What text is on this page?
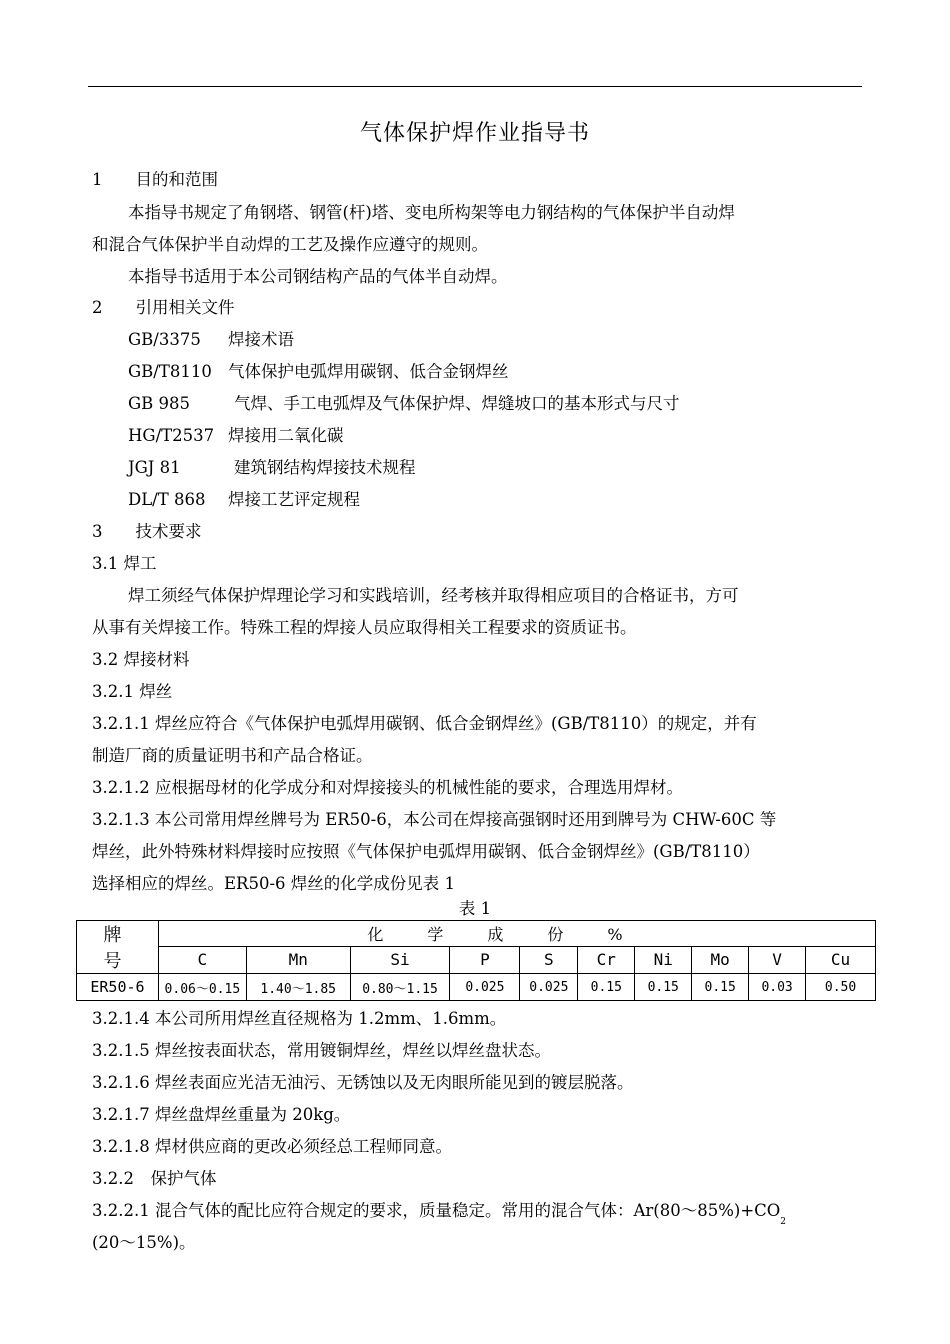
气体保护焊作业指导书
1　　目的和范围
本指导书规定了角钢塔、钢管(杆)塔、变电所构架等电力钢结构的气体保护半自动焊
和混合气体保护半自动焊的工艺及操作应遵守的规则。
本指导书适用于本公司钢结构产品的气体半自动焊。
2　　引用相关文件
GB/3375 焊接术语
GB/T8110 气体保护电弧焊用碳钢、低合金钢焊丝
GB 985	气焊、手工电弧焊及气体保护焊、焊缝坡口的基本形式与尺寸
HG/T2537 焊接用二氧化碳
JGJ 81	建筑钢结构焊接技术规程
DL/T 868 焊接工艺评定规程
3　　技术要求
3.1 焊工
焊工须经气体保护焊理论学习和实践培训，经考核并取得相应项目的合格证书，方可
从事有关焊接工作。特殊工程的焊接人员应取得相关工程要求的资质证书。
3.2 焊接材料
3.2.1 焊丝
3.2.1.1 焊丝应符合《气体保护电弧焊用碳钢、低合金钢焊丝》(GB/T8110）的规定，并有
制造厂商的质量证明书和产品合格证。
3.2.1.2 应根据母材的化学成分和对焊接接头的机械性能的要求，合理选用焊材。
3.2.1.3 本公司常用焊丝牌号为 ER50-6，本公司在焊接高强钢时还用到牌号为 CHW-60C 等
焊丝，此外特殊材料焊接时应按照《气体保护电弧焊用碳钢、低合金钢焊丝》(GB/T8110）
选择相应的焊丝。ER50-6 焊丝的化学成份见表 1
表 1
牌　号	化学成份%									
	C	Mn	Si	P	S	Cr	Ni	Mo	V	Cu
ER50-6	0.06～0.15	1.40～1.85	0.80～1.15	0.025	0.025	0.15	0.15	0.15	0.03	0.50
3.2.1.4 本公司所用焊丝直径规格为 1.2mm、1.6mm。
3.2.1.5 焊丝按表面状态，常用镀铜焊丝，焊丝以焊丝盘状态。
3.2.1.6 焊丝表面应光洁无油污、无锈蚀以及无肉眼所能见到的镀层脱落。
3.2.1.7 焊丝盘焊丝重量为 20kg。
3.2.1.8 焊材供应商的更改必须经总工程师同意。
3.2.2　保护气体
3.2.2.1 混合气体的配比应符合规定的要求，质量稳定。常用的混合气体：$Ar(80\sim 85\%)+CO_2$
(20～15%)。
